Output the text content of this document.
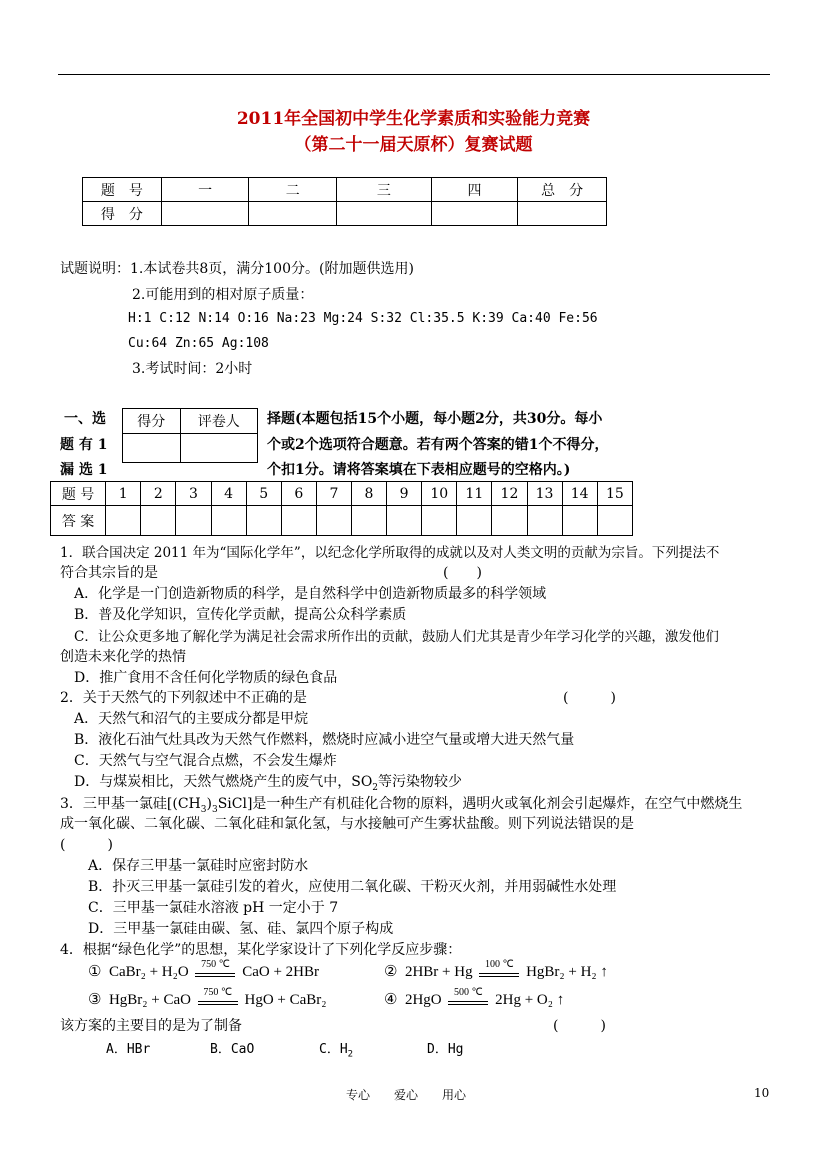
2011年全国初中学生化学素质和实验能力竞赛
（第二十一届天原杯）复赛试题
题　号	一	二	三	四	总　分
得　分					
试题说明：1.本试卷共8页，满分100分。(附加题供选用)
2.可能用到的相对原子质量：
H:1 C:12 N:14 O:16 Na:23 Mg:24 S:32 Cl:35.5 K:39 Ca:40 Fe:56
Cu:64 Zn:65 Ag:108
3.考试时间：2小时
一、选
题 有 1
漏 选 1
得分	评卷人
	择题(本题包括15个小题，每小题2分，共30分。每小
个或2个选项符合题意。若有两个答案的错1个不得分，
个扣1分。请将答案填在下表相应题号的空格内。)
题 号	1	2	3	4	5	6	7	8	9	10	11	12	13	14	15
答 案															
1．联合国决定 2011 年为“国际化学年”，以纪念化学所取得的成就以及对人类文明的贡献为宗旨。下列提法不
符合其宗旨的是	(　　)
A．化学是一门创造新物质的科学，是自然科学中创造新物质最多的科学领域
B．普及化学知识，宣传化学贡献，提高公众科学素质
C．让公众更多地了解化学为满足社会需求所作出的贡献，鼓励人们尤其是青少年学习化学的兴趣，激发他们
创造未来化学的热情
D．推广食用不含任何化学物质的绿色食品
2．关于天然气的下列叙述中不正确的是	(　　　)
A．天然气和沼气的主要成分都是甲烷
B．液化石油气灶具改为天然气作燃料，燃烧时应减小进空气量或增大进天然气量
C．天然气与空气混合点燃，不会发生爆炸
D．与煤炭相比，天然气燃烧产生的废气中，$SO_2$等污染物较少
3．三甲基一氯硅$[(CH_3)_3SiCl]$是一种生产有机硅化合物的原料，遇明火或氧化剂会引起爆炸，在空气中燃烧生
成一氧化碳、二氧化碳、二氧化硅和氯化氢，与水接触可产生雾状盐酸。则下列说法错误的是
(　　　)
A．保存三甲基一氯硅时应密封防水
B．扑灭三甲基一氯硅引发的着火，应使用二氧化碳、干粉灭火剂，并用弱碱性水处理
C．三甲基一氯硅水溶液 pH 一定小于 7
D．三甲基一氯硅由碳、氢、硅、氯四个原子构成
4．根据“绿色化学”的思想，某化学家设计了下列化学反应步骤：
① CaBr₂ + H₂O	750 ℃ CaO + 2HBr	② 2HBr + Hg	100 ℃ HgBr₂ + H₂ ↑
③ HgBr₂ + CaO	750 ℃ HgO + CaBr₂	④ 2HgO	500 ℃ 2Hg + O₂ ↑
该方案的主要目的是为了制备	(　　　)
A．HBr	B．CaO	C．$H_2$	D．Hg
专心　　爱心　　用心	10
